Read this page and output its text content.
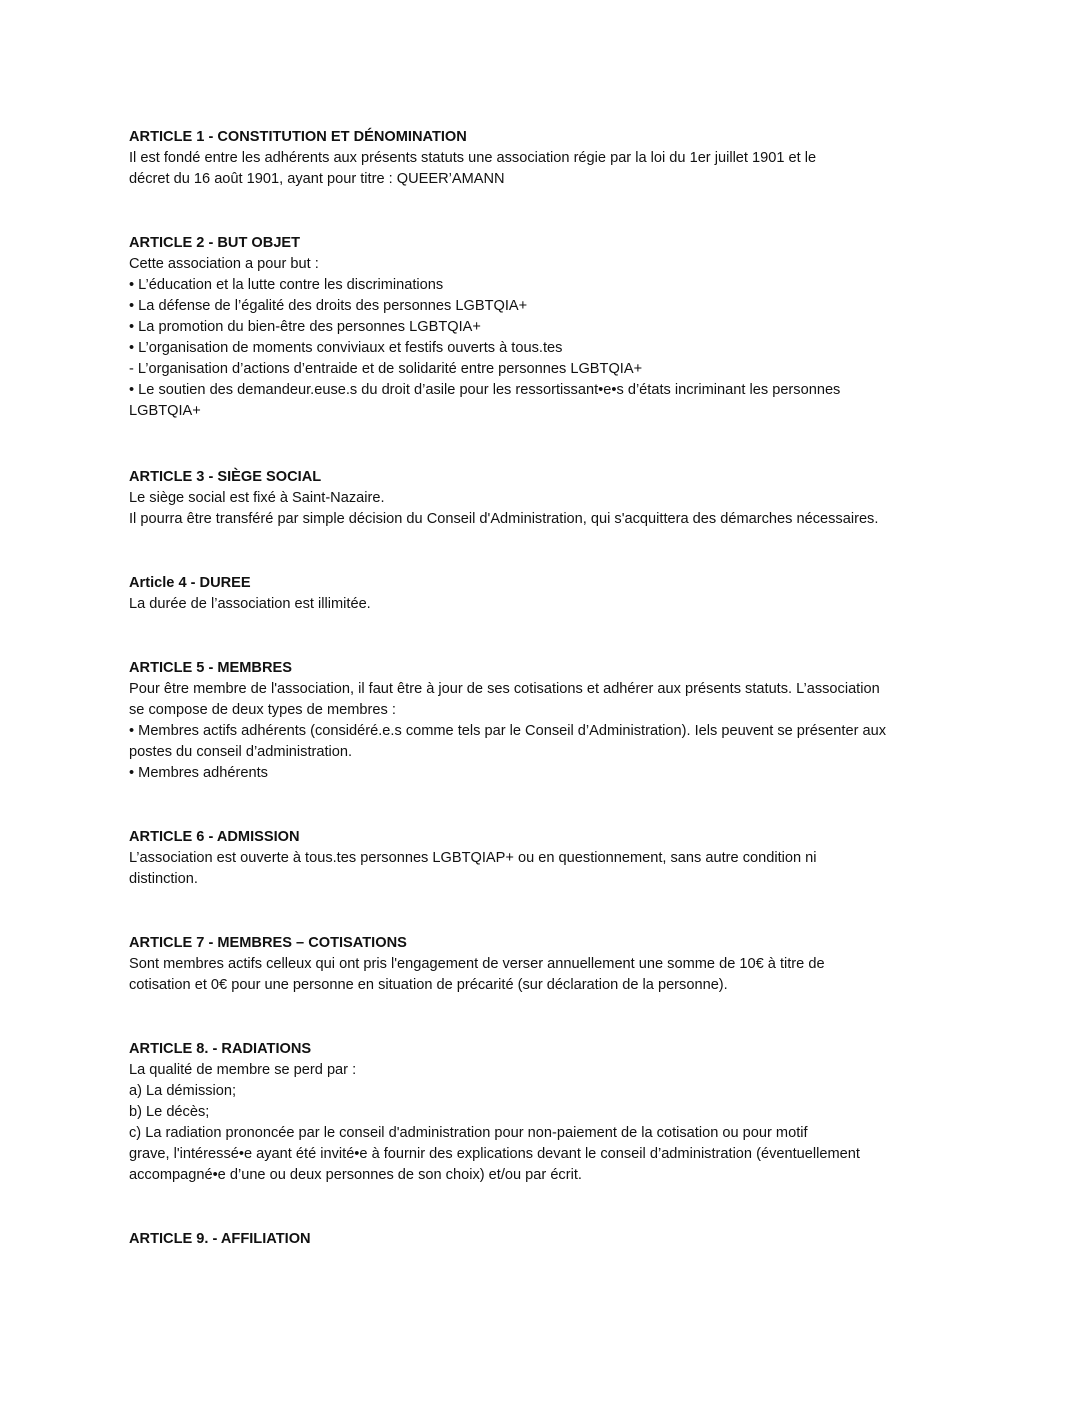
ARTICLE 1 - CONSTITUTION ET DÉNOMINATION
Il est fondé entre les adhérents aux présents statuts une association régie par la loi du 1er juillet 1901 et le
décret du 16 août 1901, ayant pour titre : QUEER’AMANN
ARTICLE 2 - BUT OBJET
Cette association a pour but :
• L’éducation et la lutte contre les discriminations
• La défense de l’égalité des droits des personnes LGBTQIA+
• La promotion du bien-être des personnes LGBTQIA+
• L’organisation de moments conviviaux et festifs ouverts à tous.tes
- L’organisation d’actions d’entraide et de solidarité entre personnes LGBTQIA+
• Le soutien des demandeur.euse.s du droit d’asile pour les ressortissant•e•s d’états incriminant les personnes
LGBTQIA+
ARTICLE 3 - SIÈGE SOCIAL
Le siège social est fixé à Saint-Nazaire.
Il pourra être transféré par simple décision du Conseil d'Administration, qui s'acquittera des démarches nécessaires.
Article 4 - DUREE
La durée de l’association est illimitée.
ARTICLE 5 - MEMBRES
Pour être membre de l'association, il faut être à jour de ses cotisations et adhérer aux présents statuts. L’association
se compose de deux types de membres :
• Membres actifs adhérents (considéré.e.s comme tels par le Conseil d’Administration). Iels peuvent se présenter aux
postes du conseil d’administration.
• Membres adhérents
ARTICLE 6 - ADMISSION
L’association est ouverte à tous.tes personnes LGBTQIAP+ ou en questionnement, sans autre condition ni
distinction.
ARTICLE 7 - MEMBRES – COTISATIONS
Sont membres actifs celleux qui ont pris l'engagement de verser annuellement une somme de 10€ à titre de
cotisation et 0€ pour une personne en situation de précarité (sur déclaration de la personne).
ARTICLE 8. - RADIATIONS
La qualité de membre se perd par :
a) La démission;
b) Le décès;
c) La radiation prononcée par le conseil d'administration pour non-paiement de la cotisation ou pour motif
grave, l'intéressé•e ayant été invité•e à fournir des explications devant le conseil d’administration (éventuellement
accompagné•e d’une ou deux personnes de son choix) et/ou par écrit.
ARTICLE 9. - AFFILIATION
